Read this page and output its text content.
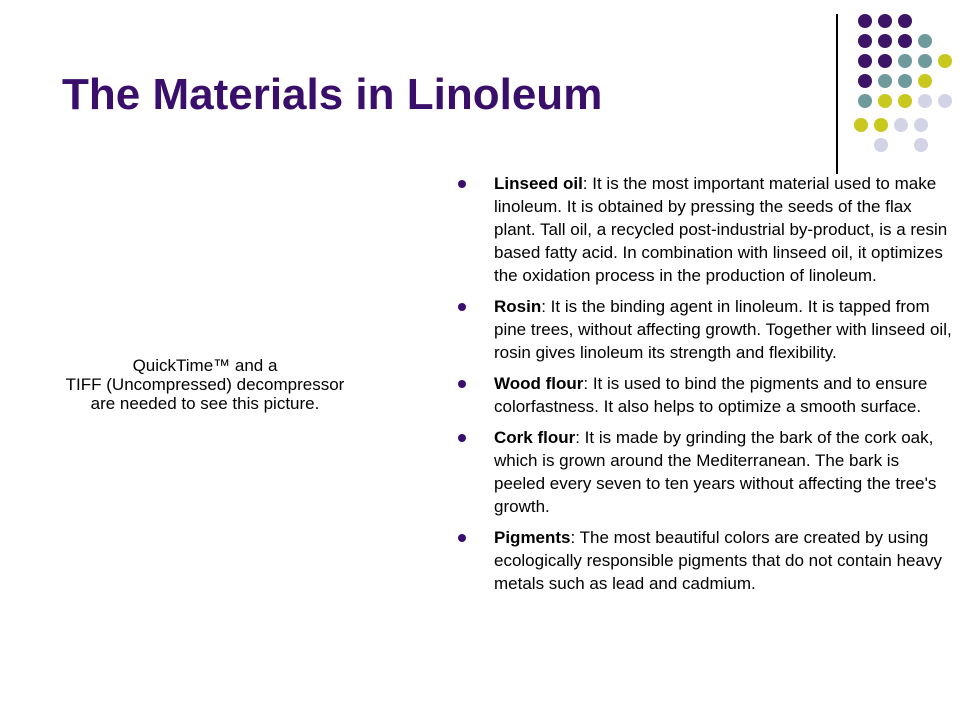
The Materials in Linoleum
QuickTime™ and a
TIFF (Uncompressed) decompressor
are needed to see this picture.
Linseed oil: It is the most important material used to make linoleum. It is obtained by pressing the seeds of the flax plant. Tall oil, a recycled post-industrial by-product, is a resin based fatty acid. In combination with linseed oil, it optimizes the oxidation process in the production of linoleum.
Rosin: It is the binding agent in linoleum. It is tapped from pine trees, without affecting growth. Together with linseed oil, rosin gives linoleum its strength and flexibility.
Wood flour: It is used to bind the pigments and to ensure colorfastness. It also helps to optimize a smooth surface.
Cork flour: It is made by grinding the bark of the cork oak, which is grown around the Mediterranean. The bark is peeled every seven to ten years without affecting the tree's growth.
Pigments: The most beautiful colors are created by using ecologically responsible pigments that do not contain heavy metals such as lead and cadmium.
